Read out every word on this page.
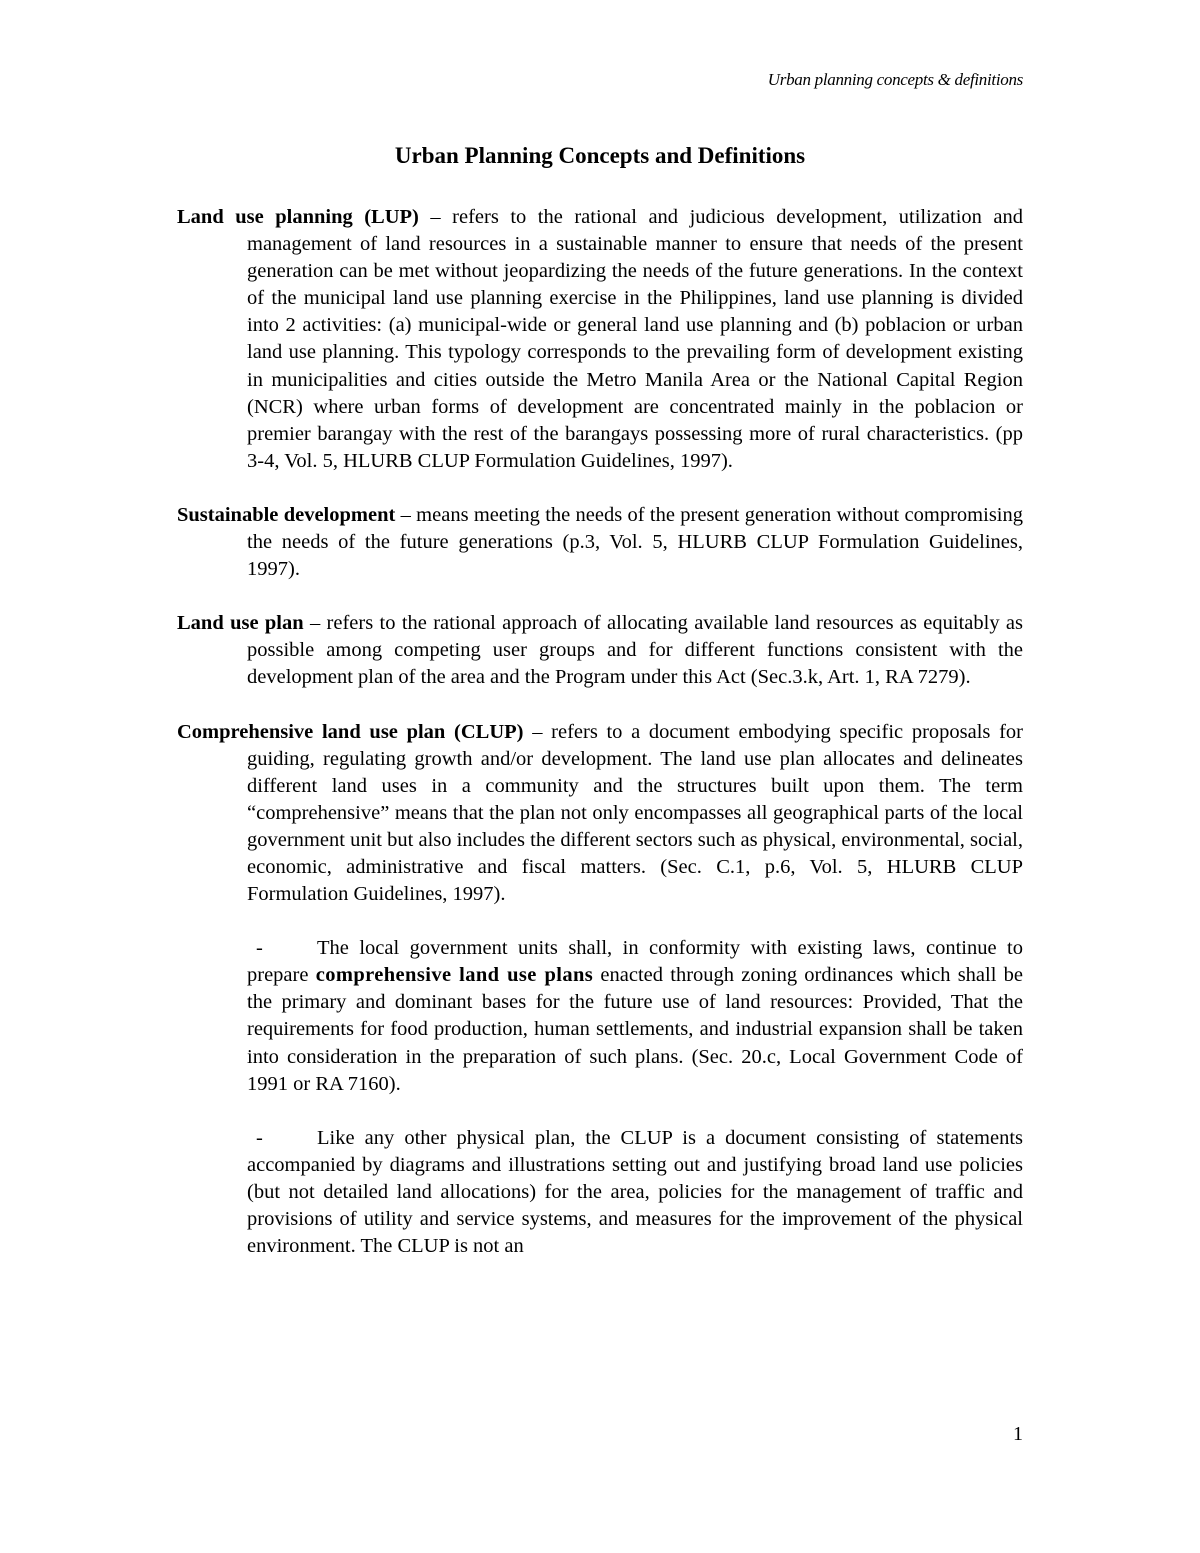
Urban planning concepts & definitions
Urban Planning Concepts and Definitions

Land use planning (LUP) – refers to the rational and judicious development, utilization and management of land resources in a sustainable manner to ensure that needs of the present generation can be met without jeopardizing the needs of the future generations. In the context of the municipal land use planning exercise in the Philippines, land use planning is divided into 2 activities: (a) municipal-wide or general land use planning and (b) poblacion or urban land use planning. This typology corresponds to the prevailing form of development existing in municipalities and cities outside the Metro Manila Area or the National Capital Region (NCR) where urban forms of development are concentrated mainly in the poblacion or premier barangay with the rest of the barangays possessing more of rural characteristics. (pp 3-4, Vol. 5, HLURB CLUP Formulation Guidelines, 1997).

Sustainable development – means meeting the needs of the present generation without compromising the needs of the future generations (p.3, Vol. 5, HLURB CLUP Formulation Guidelines, 1997).

Land use plan – refers to the rational approach of allocating available land resources as equitably as possible among competing user groups and for different functions consistent with the development plan of the area and the Program under this Act (Sec.3.k, Art. 1, RA 7279).

Comprehensive land use plan (CLUP) – refers to a document embodying specific proposals for guiding, regulating growth and/or development. The land use plan allocates and delineates different land uses in a community and the structures built upon them. The term “comprehensive” means that the plan not only encompasses all geographical parts of the local government unit but also includes the different sectors such as physical, environmental, social, economic, administrative and fiscal matters. (Sec. C.1, p.6, Vol. 5, HLURB CLUP Formulation Guidelines, 1997).

-	The local government units shall, in conformity with existing laws, continue to prepare comprehensive land use plans enacted through zoning ordinances which shall be the primary and dominant bases for the future use of land resources: Provided, That the requirements for food production, human settlements, and industrial expansion shall be taken into consideration in the preparation of such plans. (Sec. 20.c, Local Government Code of 1991 or RA 7160).

-	Like any other physical plan, the CLUP is a document consisting of statements accompanied by diagrams and illustrations setting out and justifying broad land use policies (but not detailed land allocations) for the area, policies for the management of traffic and provisions of utility and service systems, and measures for the improvement of the physical environment. The CLUP is not an

1
